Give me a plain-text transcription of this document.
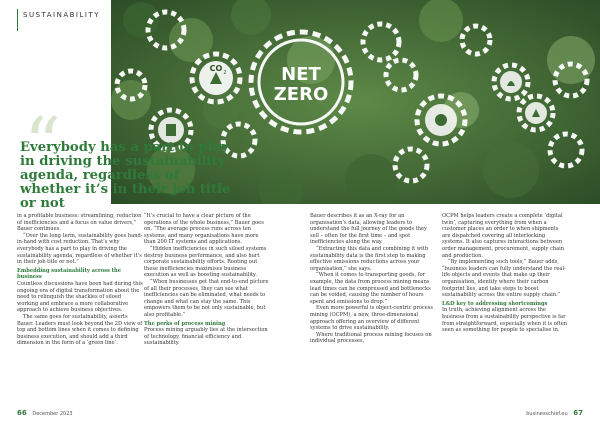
SUSTAINABILITY
CO 2	NET
ZERO
“
Everybody has a part to play in driving the sustainability agenda, regardless of whether it’s in their job title or not

in a profitable business: streamlining, reduction of inefficiencies and a focus on value drivers,” Bauer continues.

“Over the long term, sustainability goes hand-in-hand with cost reduction. That’s why everybody has a part to play in driving the sustainability agenda, regardless of whether it’s in their job title or not.”

Embedding sustainability across the business

Countless discussions have been had during this ongoing era of digital transformation about the need to relinquish the shackles of siloed working and embrace a more collaborative approach to achieve business objectives.

The same goes for sustainability, asserts Bauer. Leaders must look beyond the 2D view of top and bottom lines when it comes to defining business execution, and should add a third dimension in the form of a ‘green line’.

“It’s crucial to have a clear picture of the operations of the whole business,” Bauer goes on. “The average process runs across ten systems, and many organisations have more than 200 IT systems and applications.

“Hidden inefficiencies in such siloed systems destroy business performance, and also hurt corporate sustainability efforts. Rooting out these inefficiencies maximises business execution as well as boosting sustainability.

“When businesses get that end-to-end picture of all their processes, they can see what inefficiencies can be eliminated, what needs to change and what can stay the same. This empowers them to be not only sustainable, but also profitable.”

The perks of process mining

Process mining arguably lies at the intersection of technology, financial efficiency and sustainability.

Bauer describes it as an X-ray for an organisation’s data, allowing leaders to understand the full journey of the goods they sell – often for the first time – and spot inefficiencies along the way.

“Extracting this data and combining it with sustainability data is the first step to making effective emissions reductions across your organisation,” she says.

“When it comes to transporting goods, for example, the data from process mining means lead times can be compressed and bottlenecks can be voided, causing the number of hours spent and emissions to drop.”

Even more powerful is object-centric process mining (OCPM), a new, three-dimensional approach offering an overview of different systems to drive sustainability.

Where traditional process mining focuses on individual processes,

OCPM helps leaders create a complete ‘digital twin’, capturing everything from when a customer places an order to when shipments are dispatched covering all interlocking systems. It also captures interactions between order management, procurement, supply chain and production.

“By implementing such tools,” Bauer adds, “business leaders can fully understand the real-life objects and events that make up their organisation, identify where their carbon footprint lies, and take steps to boost sustainability across the entire supply chain.”

L&D key to addressing shortcomings

In truth, achieving alignment across the business from a sustainability perspective is far from straightforward, especially when it is often seen as something for people to specialise in.

66 December 2023	businesschief.eu 67
